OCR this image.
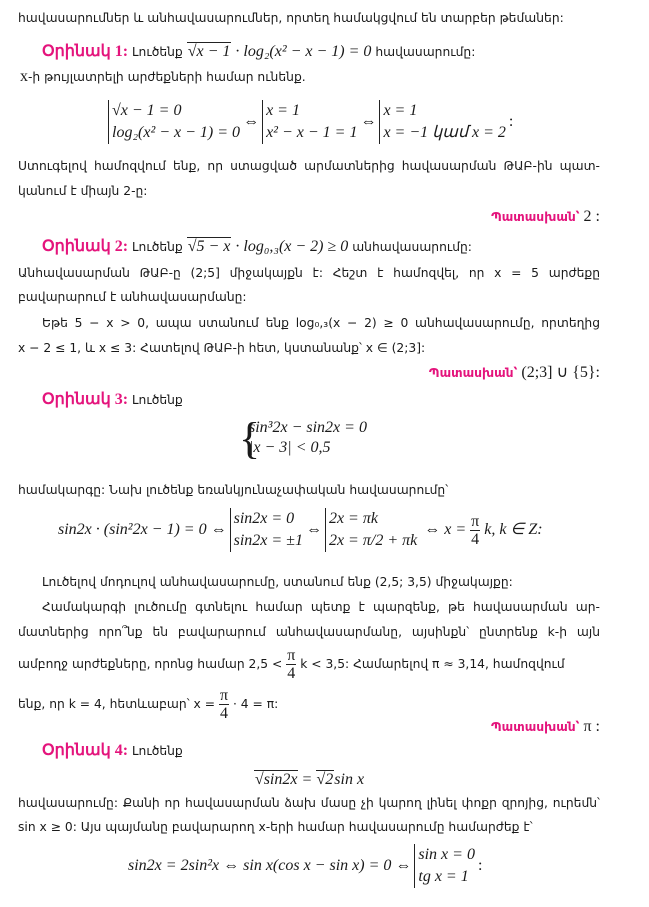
հավասարումներ և անհավասարումներ, որտեղ համակցվում են տարբեր թեմաներ:
Օրինակ 1: Լուծենք √ x − 1 · log₂(x² − x − 1) = 0 հավասարումը:
x-ի թույլատրելի արժեքների համար ունենք.
√x − 1 = 0
log₂(x² − x − 1) = 0⇔x = 1
x² − x − 1 = 1⇔x = 1
x = −1 կամ x = 2:
Ստուգելով համոզվում ենք, որ ստացված արմատներից հավասարման ԹԱԲ-ին պատ-
կանում է միայն 2-ը:
Պատասխան՝ 2 :
Օրինակ 2: Լուծենք √ 5 − x · log₀,₃(x − 2) ≥ 0 անհավասարումը:
Անհավասարման ԹԱԲ-ը (2;5] միջակայքն է: Հեշտ է համոզվել, որ x = 5 արժեքը
բավարարում է անհավասարմանը:
Եթե 5 − x > 0, ապա ստանում ենք log₀,₃(x − 2) ≥ 0 անհավասարումը, որտեղից
x − 2 ≤ 1, և x ≤ 3: Հատելով ԹԱԲ-ի հետ, կստանանք՝ x ∈ (2;3]:
Պատասխան՝ (2;3] ∪ {5}:
Օրինակ 3: Լուծենք
{ sin³2x − sin2x = 0
|x − 3| < 0,5
համակարգը: Նախ լուծենք եռանկյունաչափական հավասարումը՝
sin2x · (sin²2x − 1) = 0 ⇔sin2x = 0
sin2x = ±1⇔2x = πk
2x = π/2 + πk ⇔ $x = \frac{\pi}{4} k$, k ∈ Z:
Լուծելով մոդուլով անհավասարումը, ստանում ենք (2,5; 3,5) միջակայքը:
Համակարգի լուծումը գտնելու համար պետք է պարզենք, թե հավասարման ար-
մատներից որո՞նք են բավարարում անհավասարմանը, այսինքն՝ ընտրենք k-ի այն
ամբողջ արժեքները, որոնց համար $2,5 < \frac{\pi}{4}$ k < 3,5: Համարելով π ≈ 3,14, համոզվում
ենք, որ k = 4, հետևաբար՝ $x = \frac{\pi}{4} \cdot 4 = \pi$:
Պատասխան՝ π :
Օրինակ 4: Լուծենք
√ sin2x = √ 2sin x
հավասարումը: Քանի որ հավասարման ձախ մասը չի կարող լինել փոքր զրոյից, ուրեմն՝
sin x ≥ 0: Այս պայմանը բավարարող x-երի համար հավասարումը համարժեք է՝
sin2x = 2sin²x ⇔ sin x(cos x − sin x) = 0 ⇔sin x = 0
tg x = 1:
